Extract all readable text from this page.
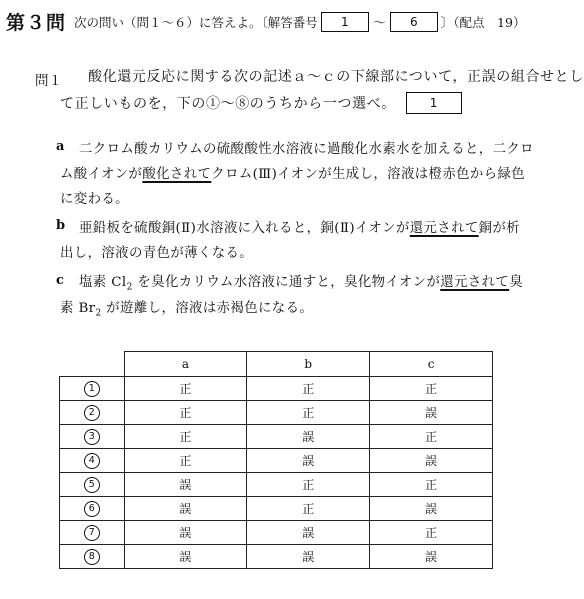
第３問 次の問い（問１～６）に答えよ。〔解答番号	1	～	6	〕（配点　19）
問１ 酸化還元反応に関する次の記述ａ～ｃの下線部について，正誤の組合せとし
て正しいものを，下の①～⑧のうちから一つ選べ。	1
a 二クロム酸カリウムの硫酸酸性水溶液に過酸化水素水を加えると，二クロ
ム酸イオンが酸化されてクロム(Ⅲ)イオンが生成し，溶液は橙赤色から緑色
に変わる。
b 亜鉛板を硫酸銅(Ⅱ)水溶液に入れると，銅(Ⅱ)イオンが還元されて銅が析
出し，溶液の青色が薄くなる。
c 塩素 $Cl_2$ を臭化カリウム水溶液に通すと，臭化物イオンが還元されて臭
素 $Br_2$ が遊離し，溶液は赤褐色になる。
	a	b	c
1	正	正	正
2	正	正	誤
3	正	誤	正
4	正	誤	誤
5	誤	正	正
6	誤	正	誤
7	誤	誤	正
8	誤	誤	誤
